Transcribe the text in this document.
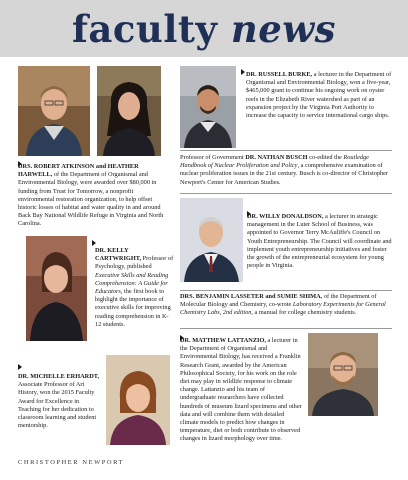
faculty news

DR. RUSSELL BURKE, a lecturer in the Department of Organismal and Environmental Biology, won a five-year, $465,000 grant to continue his ongoing work on oyster reefs in the Elizabeth River watershed as part of an expansion project by the Virginia Port Authority to increase the capacity to service international cargo ships.

Professor of Government DR. NATHAN BUSCH co-edited the Routledge Handbook of Nuclear Proliferation and Policy, a comprehensive examination of nuclear proliferation issues in the 21st century. Busch is co-director of Christopher Newport's Center for American Studies.

DRS. ROBERT ATKINSON and HEATHER HARWELL, of the Department of Organismal and Environmental Biology, were awarded over $80,000 in funding from Trust for Tomorrow, a nonprofit environmental restoration organization, to help offset historic losses of habitat and water quality in and around Back Bay National Wildlife Refuge in Virginia and North Carolina.

DR. WILLY DONALDSON, a lecturer in strategic management in the Luter School of Business, was appointed to Governor Terry McAuliffe's Council on Youth Entrepreneurship. The Council will coordinate and implement youth entrepreneurship initiatives and foster the growth of the entrepreneurial ecosystem for young people in Virginia.

DR. KELLY CARTWRIGHT, Professor of Psychology, published Executive Skills and Reading Comprehension: A Guide for Educators, the first book to highlight the importance of executive skills for improving reading comprehension in K-12 students.

DRS. BENJAMIN LASSETER and SUMIE SHIMA, of the Department of Molecular Biology and Chemistry, co-wrote Laboratory Experiments for General Chemistry Labs, 2nd edition, a manual for college chemistry students.

DR. MATTHEW LATTANZIO, a lecturer in the Department of Organismal and Environmental Biology, has received a Franklin Research Grant, awarded by the American Philosophical Society, for his work on the role diet may play in wildlife response to climate change. Lattanzio and his team of undergraduate researchers have collected hundreds of museum lizard specimens and other data and will combine them with detailed climate models to predict how changes in temperature, diet or both contribute to observed changes in lizard morphology over time.

DR. MICHELLE ERHARDT, Associate Professor of Art History, won the 2015 Faculty Award for Excellence in Teaching for her dedication to classroom learning and student mentorship.

CHRISTOPHER NEWPORT
